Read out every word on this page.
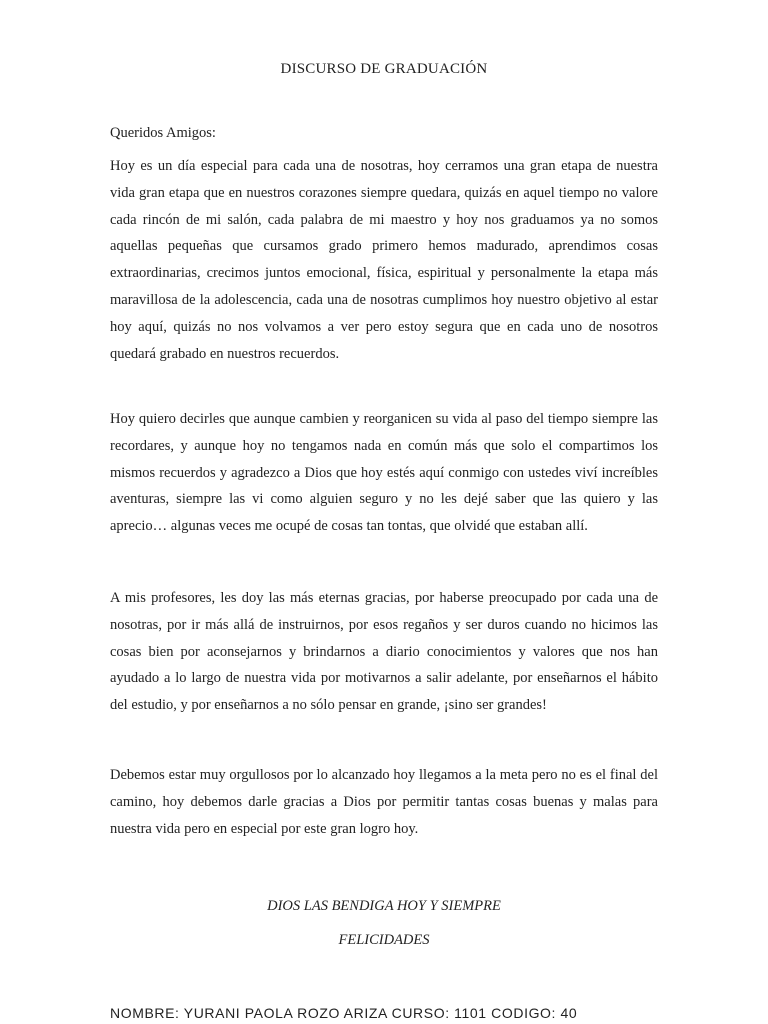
DISCURSO DE GRADUACIÓN
Queridos Amigos:

Hoy es un día especial para cada una de nosotras, hoy cerramos una gran etapa de nuestra vida gran etapa que en nuestros corazones siempre quedara, quizás en aquel tiempo no valore cada rincón de mi salón, cada palabra de mi maestro y hoy nos graduamos ya no somos aquellas pequeñas que cursamos grado primero hemos madurado, aprendimos cosas extraordinarias, crecimos juntos emocional, física, espiritual y personalmente la etapa más maravillosa de la adolescencia, cada una de nosotras cumplimos hoy nuestro objetivo al estar hoy aquí, quizás no nos volvamos a ver pero estoy segura que en cada uno de nosotros quedará grabado en nuestros recuerdos.

Hoy quiero decirles que aunque cambien y reorganicen su vida al paso del tiempo siempre las recordares, y aunque hoy no tengamos nada en común más que solo el compartimos los mismos recuerdos y agradezco a Dios que hoy estés aquí conmigo con ustedes viví increíbles aventuras, siempre las vi como alguien seguro y no les dejé saber que las quiero y las aprecio… algunas veces me ocupé de cosas tan tontas, que olvidé que estaban allí.

A mis profesores, les doy las más eternas gracias, por haberse preocupado por cada una de nosotras, por ir más allá de instruirnos, por esos regaños y ser duros cuando no hicimos las cosas bien por aconsejarnos y brindarnos a diario conocimientos y valores que nos han ayudado a lo largo de nuestra vida por motivarnos a salir adelante, por enseñarnos el hábito del estudio, y por enseñarnos a no sólo pensar en grande, ¡sino ser grandes!

Debemos estar muy orgullosos por lo alcanzado hoy llegamos a la meta pero no es el final del camino, hoy debemos darle gracias a Dios por permitir tantas cosas buenas y malas para nuestra vida pero en especial por este gran logro hoy.

DIOS LAS BENDIGA HOY Y SIEMPRE
FELICIDADES
NOMBRE: YURANI PAOLA ROZO ARIZA CURSO: 1101 CODIGO: 40
